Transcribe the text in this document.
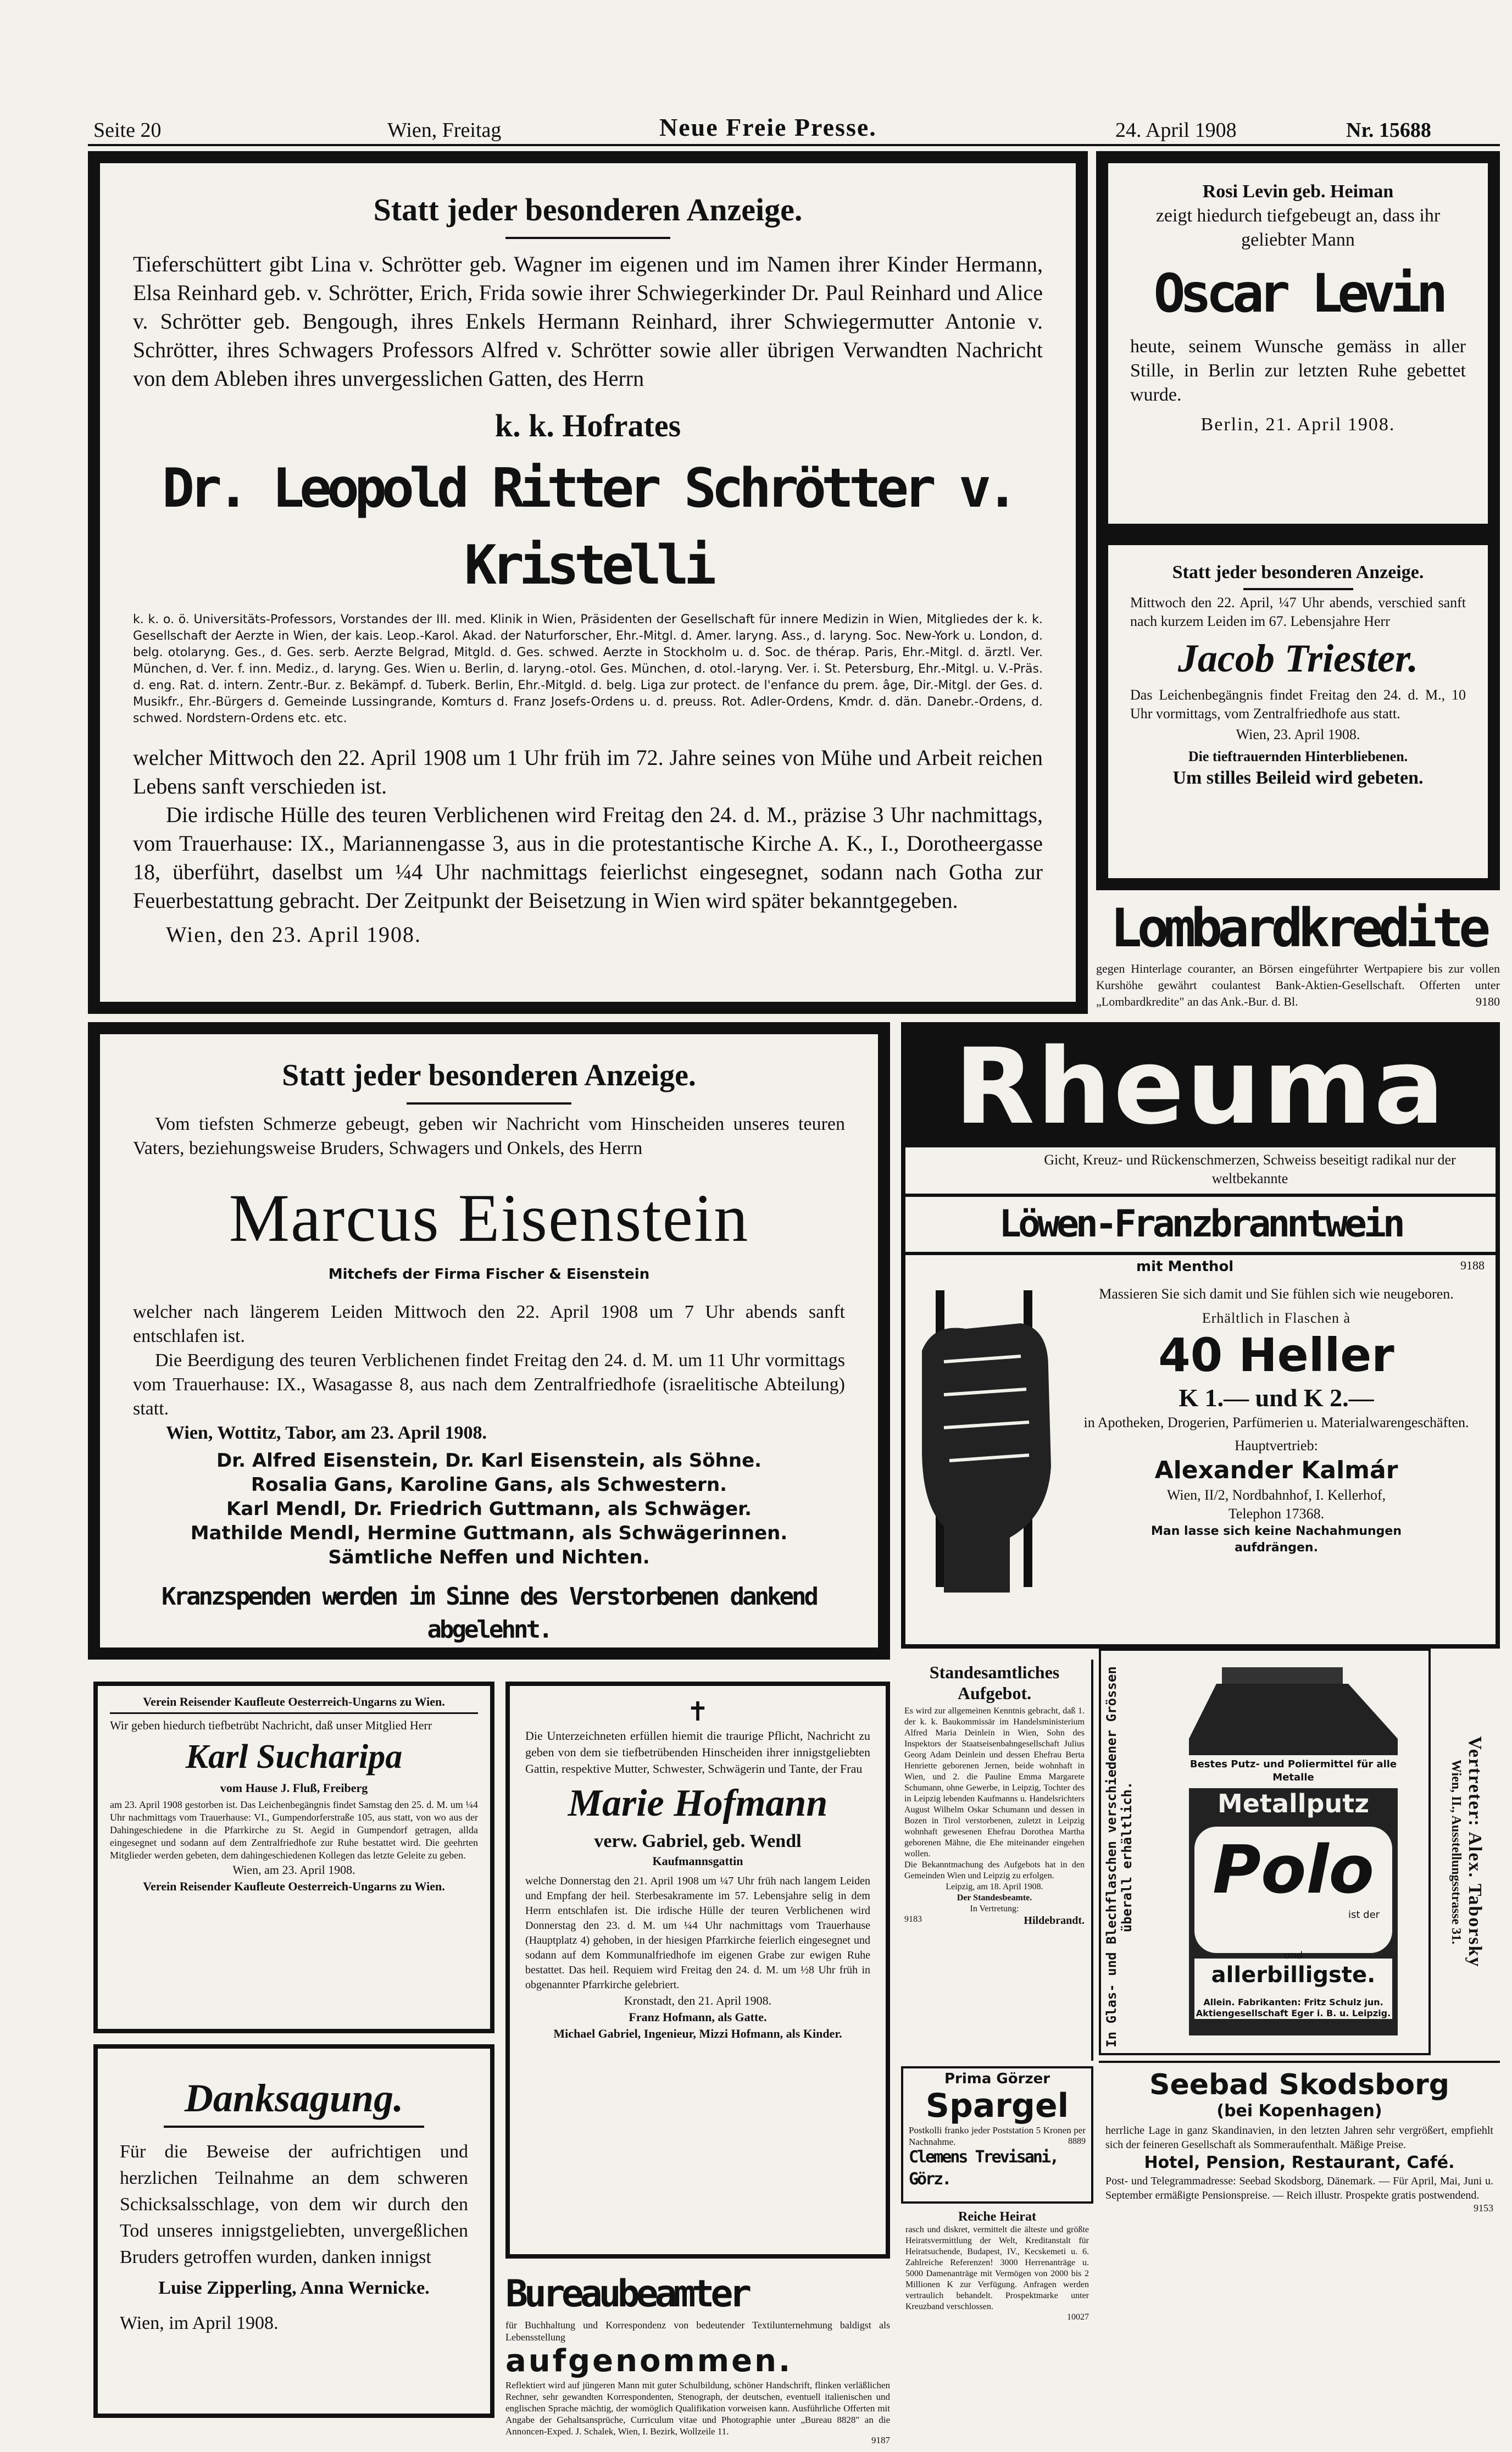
Seite 20	Wien, Freitag	Neue Freie Presse.	24. April 1908	Nr. 15688

Statt jeder besonderen Anzeige.

Tieferschüttert gibt Lina v. Schrötter geb. Wagner im eigenen und im Namen ihrer Kinder Hermann, Elsa Reinhard geb. v. Schrötter, Erich, Frida sowie ihrer Schwiegerkinder Dr. Paul Reinhard und Alice v. Schrötter geb. Bengough, ihres Enkels Hermann Reinhard, ihrer Schwiegermutter Antonie v. Schrötter, ihres Schwagers Professors Alfred v. Schrötter sowie aller übrigen Verwandten Nachricht von dem Ableben ihres unvergesslichen Gatten, des Herrn

k. k. Hofrates

Dr. Leopold Ritter Schrötter v. Kristelli

k. k. o. ö. Universitäts-Professors, Vorstandes der III. med. Klinik in Wien, Präsidenten der Gesellschaft für innere Medizin in Wien, Mitgliedes der k. k. Gesellschaft der Aerzte in Wien, der kais. Leop.-Karol. Akad. der Naturforscher, Ehr.-Mitgl. d. Amer. laryng. Ass., d. laryng. Soc. New-York u. London, d. belg. otolaryng. Ges., d. Ges. serb. Aerzte Belgrad, Mitgld. d. Ges. schwed. Aerzte in Stockholm u. d. Soc. de thérap. Paris, Ehr.-Mitgl. d. ärztl. Ver. München, d. Ver. f. inn. Mediz., d. laryng. Ges. Wien u. Berlin, d. laryng.-otol. Ges. München, d. otol.-laryng. Ver. i. St. Petersburg, Ehr.-Mitgl. u. V.-Präs. d. eng. Rat. d. intern. Zentr.-Bur. z. Bekämpf. d. Tuberk. Berlin, Ehr.-Mitgld. d. belg. Liga zur protect. de l'enfance du prem. âge, Dir.-Mitgl. der Ges. d. Musikfr., Ehr.-Bürgers d. Gemeinde Lussingrande, Komturs d. Franz Josefs-Ordens u. d. preuss. Rot. Adler-Ordens, Kmdr. d. dän. Danebr.-Ordens, d. schwed. Nordstern-Ordens etc. etc.

welcher Mittwoch den 22. April 1908 um 1 Uhr früh im 72. Jahre seines von Mühe und Arbeit reichen Lebens sanft verschieden ist.

Die irdische Hülle des teuren Verblichenen wird Freitag den 24. d. M., präzise 3 Uhr nachmittags, vom Trauerhause: IX., Mariannengasse 3, aus in die protestantische Kirche A. K., I., Dorotheergasse 18, überführt, daselbst um ¼4 Uhr nachmittags feierlichst eingesegnet, sodann nach Gotha zur Feuerbestattung gebracht. Der Zeitpunkt der Beisetzung in Wien wird später bekanntgegeben.

Wien, den 23. April 1908.

Rosi Levin geb. Heiman

zeigt hiedurch tiefgebeugt an, dass ihr geliebter Mann

Oscar Levin

heute, seinem Wunsche gemäss in aller Stille, in Berlin zur letzten Ruhe gebettet wurde.

Berlin, 21. April 1908.

Statt jeder besonderen Anzeige.

Mittwoch den 22. April, ¼7 Uhr abends, verschied sanft nach kurzem Leiden im 67. Lebensjahre Herr

Jacob Triester.

Das Leichenbegängnis findet Freitag den 24. d. M., 10 Uhr vormittags, vom Zentralfriedhofe aus statt.

Wien, 23. April 1908.

Die tieftrauernden Hinterbliebenen.

Um stilles Beileid wird gebeten.

Lombardkredite

gegen Hinterlage couranter, an Börsen eingeführter Wertpapiere bis zur vollen Kurshöhe gewährt coulantest Bank-Aktien-Gesellschaft. Offerten unter „Lombardkredite" an das Ank.-Bur. d. Bl.	9180

Statt jeder besonderen Anzeige.

Vom tiefsten Schmerze gebeugt, geben wir Nachricht vom Hinscheiden unseres teuren Vaters, beziehungsweise Bruders, Schwagers und Onkels, des Herrn

Marcus Eisenstein

Mitchefs der Firma Fischer & Eisenstein

welcher nach längerem Leiden Mittwoch den 22. April 1908 um 7 Uhr abends sanft entschlafen ist.

Die Beerdigung des teuren Verblichenen findet Freitag den 24. d. M. um 11 Uhr vormittags vom Trauerhause: IX., Wasagasse 8, aus nach dem Zentralfriedhofe (israelitische Abteilung) statt.

Wien, Wottitz, Tabor, am 23. April 1908.

Dr. Alfred Eisenstein, Dr. Karl Eisenstein, als Söhne.

Rosalia Gans, Karoline Gans, als Schwestern.

Karl Mendl, Dr. Friedrich Guttmann, als Schwäger.

Mathilde Mendl, Hermine Guttmann, als Schwägerinnen.

Sämtliche Neffen und Nichten.

Kranzspenden werden im Sinne des Verstorbenen dankend abgelehnt.

Rheuma

Gicht, Kreuz- und Rückenschmerzen, Schweiss beseitigt radikal nur der weltbekannte

Löwen-Franzbranntwein
mit Menthol	9188

Massieren Sie sich damit und Sie fühlen sich wie neugeboren.

Erhältlich in Flaschen à

40 Heller

K 1.— und K 2.—

in Apotheken, Drogerien, Parfümerien u. Materialwarengeschäften.

Hauptvertrieb:

Alexander Kalmár

Wien, II/2, Nordbahnhof, I. Kellerhof,

Telephon 17368.

Man lasse sich keine Nachahmungen aufdrängen.

Verein Reisender Kaufleute Oesterreich-Ungarns zu Wien.

Wir geben hiedurch tiefbetrübt Nachricht, daß unser Mitglied Herr

Karl Sucharipa

vom Hause J. Fluß, Freiberg

am 23. April 1908 gestorben ist. Das Leichenbegängnis findet Samstag den 25. d. M. um ¼4 Uhr nachmittags vom Trauerhause: VI., Gumpendorferstraße 105, aus statt, von wo aus der Dahingeschiedene in die Pfarrkirche zu St. Aegid in Gumpendorf getragen, allda eingesegnet und sodann auf dem Zentralfriedhofe zur Ruhe bestattet wird. Die geehrten Mitglieder werden gebeten, dem dahingeschiedenen Kollegen das letzte Geleite zu geben.

Wien, am 23. April 1908.

Verein Reisender Kaufleute Oesterreich-Ungarns zu Wien.

Danksagung.

Für die Beweise der aufrichtigen und herzlichen Teilnahme an dem schweren Schicksalsschlage, von dem wir durch den Tod unseres innigstgeliebten, unvergeßlichen Bruders getroffen wurden, danken innigst

Luise Zipperling, Anna Wernicke.

Wien, im April 1908.

✝

Die Unterzeichneten erfüllen hiemit die traurige Pflicht, Nachricht zu geben von dem sie tiefbetrübenden Hinscheiden ihrer innigstgeliebten Gattin, respektive Mutter, Schwester, Schwägerin und Tante, der Frau

Marie Hofmann

verw. Gabriel, geb. Wendl

Kaufmannsgattin

welche Donnerstag den 21. April 1908 um ¼7 Uhr früh nach langem Leiden und Empfang der heil. Sterbesakramente im 57. Lebensjahre selig in dem Herrn entschlafen ist. Die irdische Hülle der teuren Verblichenen wird Donnerstag den 23. d. M. um ¼4 Uhr nachmittags vom Trauerhause (Hauptplatz 4) gehoben, in der hiesigen Pfarrkirche feierlich eingesegnet und sodann auf dem Kommunalfriedhofe im eigenen Grabe zur ewigen Ruhe bestattet. Das heil. Requiem wird Freitag den 24. d. M. um ½8 Uhr früh in obgenannter Pfarrkirche gelebriert.

Kronstadt, den 21. April 1908.

Franz Hofmann, als Gatte.

Michael Gabriel, Ingenieur, Mizzi Hofmann, als Kinder.

Bureaubeamter

für Buchhaltung und Korrespondenz von bedeutender Textilunternehmung baldigst als Lebensstellung

aufgenommen.

Reflektiert wird auf jüngeren Mann mit guter Schulbildung, schöner Handschrift, flinken verläßlichen Rechner, sehr gewandten Korrespondenten, Stenograph, der deutschen, eventuell italienischen und englischen Sprache mächtig, der womöglich Qualifikation vorweisen kann. Ausführliche Offerten mit Angabe der Gehaltsansprüche, Curriculum vitae und Photographie unter „Bureau 8828" an die Annoncen-Exped. J. Schalek, Wien, I. Bezirk, Wollzeile 11.

9187

Standesamtliches Aufgebot.

Es wird zur allgemeinen Kenntnis gebracht, daß 1. der k. k. Baukommissär im Handelsministerium Alfred Maria Deinlein in Wien, Sohn des Inspektors der Staatseisenbahngesellschaft Julius Georg Adam Deinlein und dessen Ehefrau Berta Henriette geborenen Jernen, beide wohnhaft in Wien, und 2. die Pauline Emma Margarete Schumann, ohne Gewerbe, in Leipzig, Tochter des in Leipzig lebenden Kaufmanns u. Handelsrichters August Wilhelm Oskar Schumann und dessen in Bozen in Tirol verstorbenen, zuletzt in Leipzig wohnhaft gewesenen Ehefrau Dorothea Martha geborenen Mähne, die Ehe miteinander eingehen wollen.

Die Bekanntmachung des Aufgebots hat in den Gemeinden Wien und Leipzig zu erfolgen.

Leipzig, am 18. April 1908.

Der Standesbeamte.

In Vertretung:

9183	Hildebrandt.

Prima Görzer

Spargel

Postkolli franko jeder Poststation 5 Kronen per Nachnahme.	8889

Clemens Trevisani, Görz.

Reiche Heirat

rasch und diskret, vermittelt die älteste und größte Heiratsvermittlung der Welt, Kreditanstalt für Heiratsuchende, Budapest, IV., Kecskemeti u. 6. Zahlreiche Referenzen! 3000 Herrenanträge u. 5000 Damenanträge mit Vermögen von 2000 bis 2 Millionen K zur Verfügung. Anfragen werden vertraulich behandelt. Prospektmarke unter Kreuzband verschlossen.

10027

In Glas- und Blechflaschen verschiedener Grössen überall erhältlich.

Bestes Putz- und Poliermittel für alle Metalle

Metallputz

Polo

ist der

beste

und

allerbilligste.

Allein. Fabrikanten: Fritz Schulz jun. Aktiengesellschaft Eger i. B. u. Leipzig.

Vertreter: Alex. Taborsky

Wien, II., Ausstellungsstrasse 31.

Seebad Skodsborg

(bei Kopenhagen)

herrliche Lage in ganz Skandinavien, in den letzten Jahren sehr vergrößert, empfiehlt sich der feineren Gesellschaft als Sommeraufenthalt. Mäßige Preise.

Hotel, Pension, Restaurant, Café.

Post- und Telegrammadresse: Seebad Skodsborg, Dänemark. — Für April, Mai, Juni u. September ermäßigte Pensionspreise. — Reich illustr. Prospekte gratis postwendend.

9153
